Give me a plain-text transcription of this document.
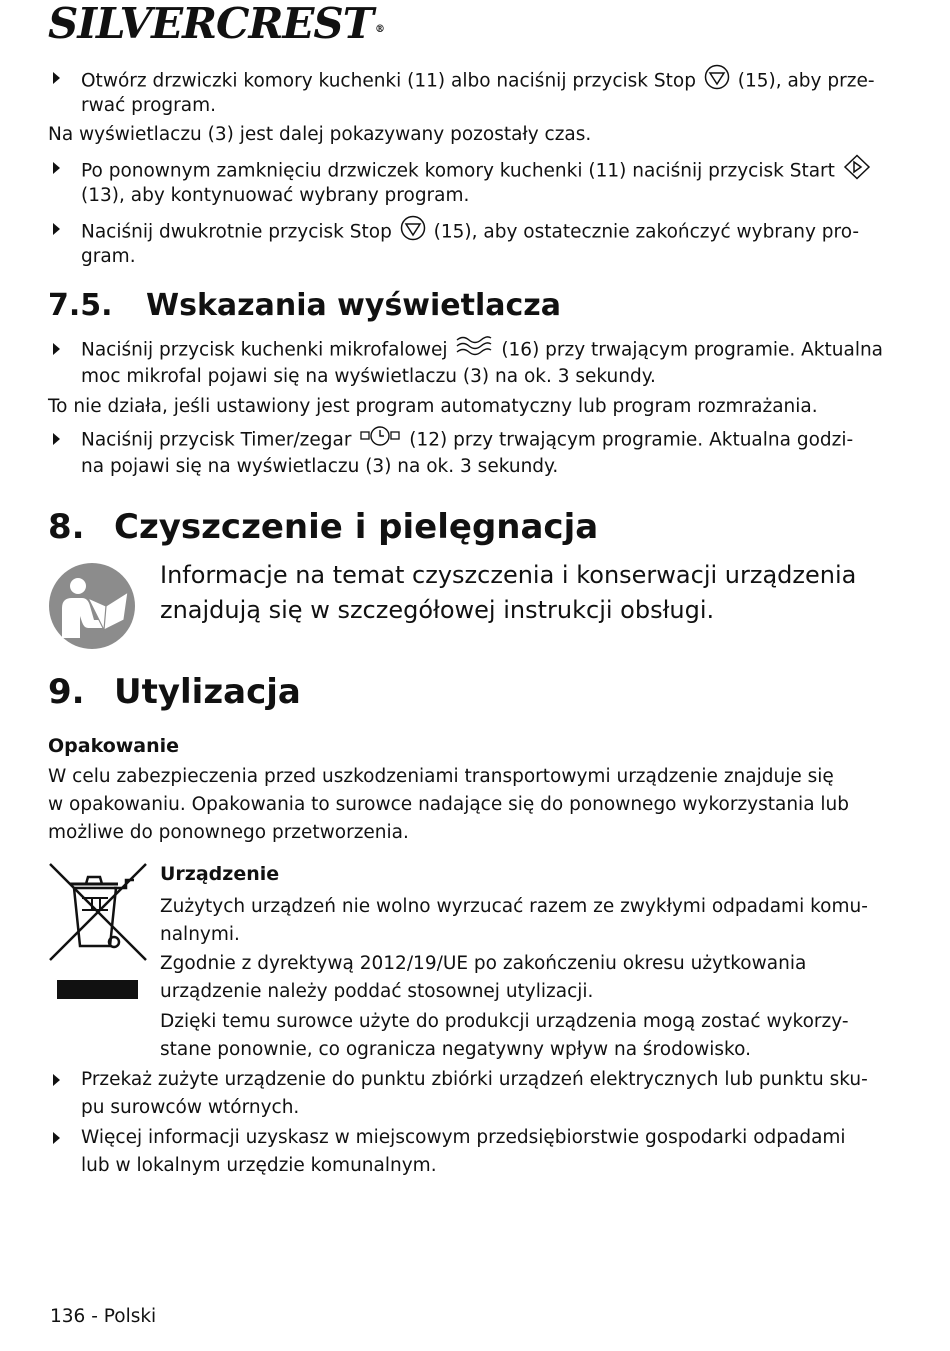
SILVERCREST ®
Otwórz drzwiczki komory kuchenki (11) albo naciśnij przycisk Stop (15), aby prze-
rwać program.
Na wyświetlaczu (3) jest dalej pokazywany pozostały czas.
Po ponownym zamknięciu drzwiczek komory kuchenki (11) naciśnij przycisk Start
(13), aby kontynuować wybrany program.
Naciśnij dwukrotnie przycisk Stop (15), aby ostatecznie zakończyć wybrany pro-
gram.
7.5. Wskazania wyświetlacza
Naciśnij przycisk kuchenki mikrofalowej	(16) przy trwającym programie. Aktualna
moc mikrofal pojawi się na wyświetlaczu (3) na ok. 3 sekundy.
To nie działa, jeśli ustawiony jest program automatyczny lub program rozmrażania.
Naciśnij przycisk Timer/zegar	(12) przy trwającym programie. Aktualna godzi-
na pojawi się na wyświetlaczu (3) na ok. 3 sekundy.
8. Czyszczenie i pielęgnacja
Informacje na temat czyszczenia i konserwacji urządzenia
znajdują się w szczegółowej instrukcji obsługi.
9. Utylizacja
Opakowanie
W celu zabezpieczenia przed uszkodzeniami transportowymi urządzenie znajduje się
w opakowaniu. Opakowania to surowce nadające się do ponownego wykorzystania lub
możliwe do ponownego przetworzenia.
Urządzenie
Zużytych urządzeń nie wolno wyrzucać razem ze zwykłymi odpadami komu-
nalnymi.
Zgodnie z dyrektywą 2012/19/UE po zakończeniu okresu użytkowania
urządzenie należy poddać stosownej utylizacji.
Dzięki temu surowce użyte do produkcji urządzenia mogą zostać wykorzy-
stane ponownie, co ogranicza negatywny wpływ na środowisko.
Przekaż zużyte urządzenie do punktu zbiórki urządzeń elektrycznych lub punktu sku-
pu surowców wtórnych.
Więcej informacji uzyskasz w miejscowym przedsiębiorstwie gospodarki odpadami
lub w lokalnym urzędzie komunalnym.
136 - Polski
